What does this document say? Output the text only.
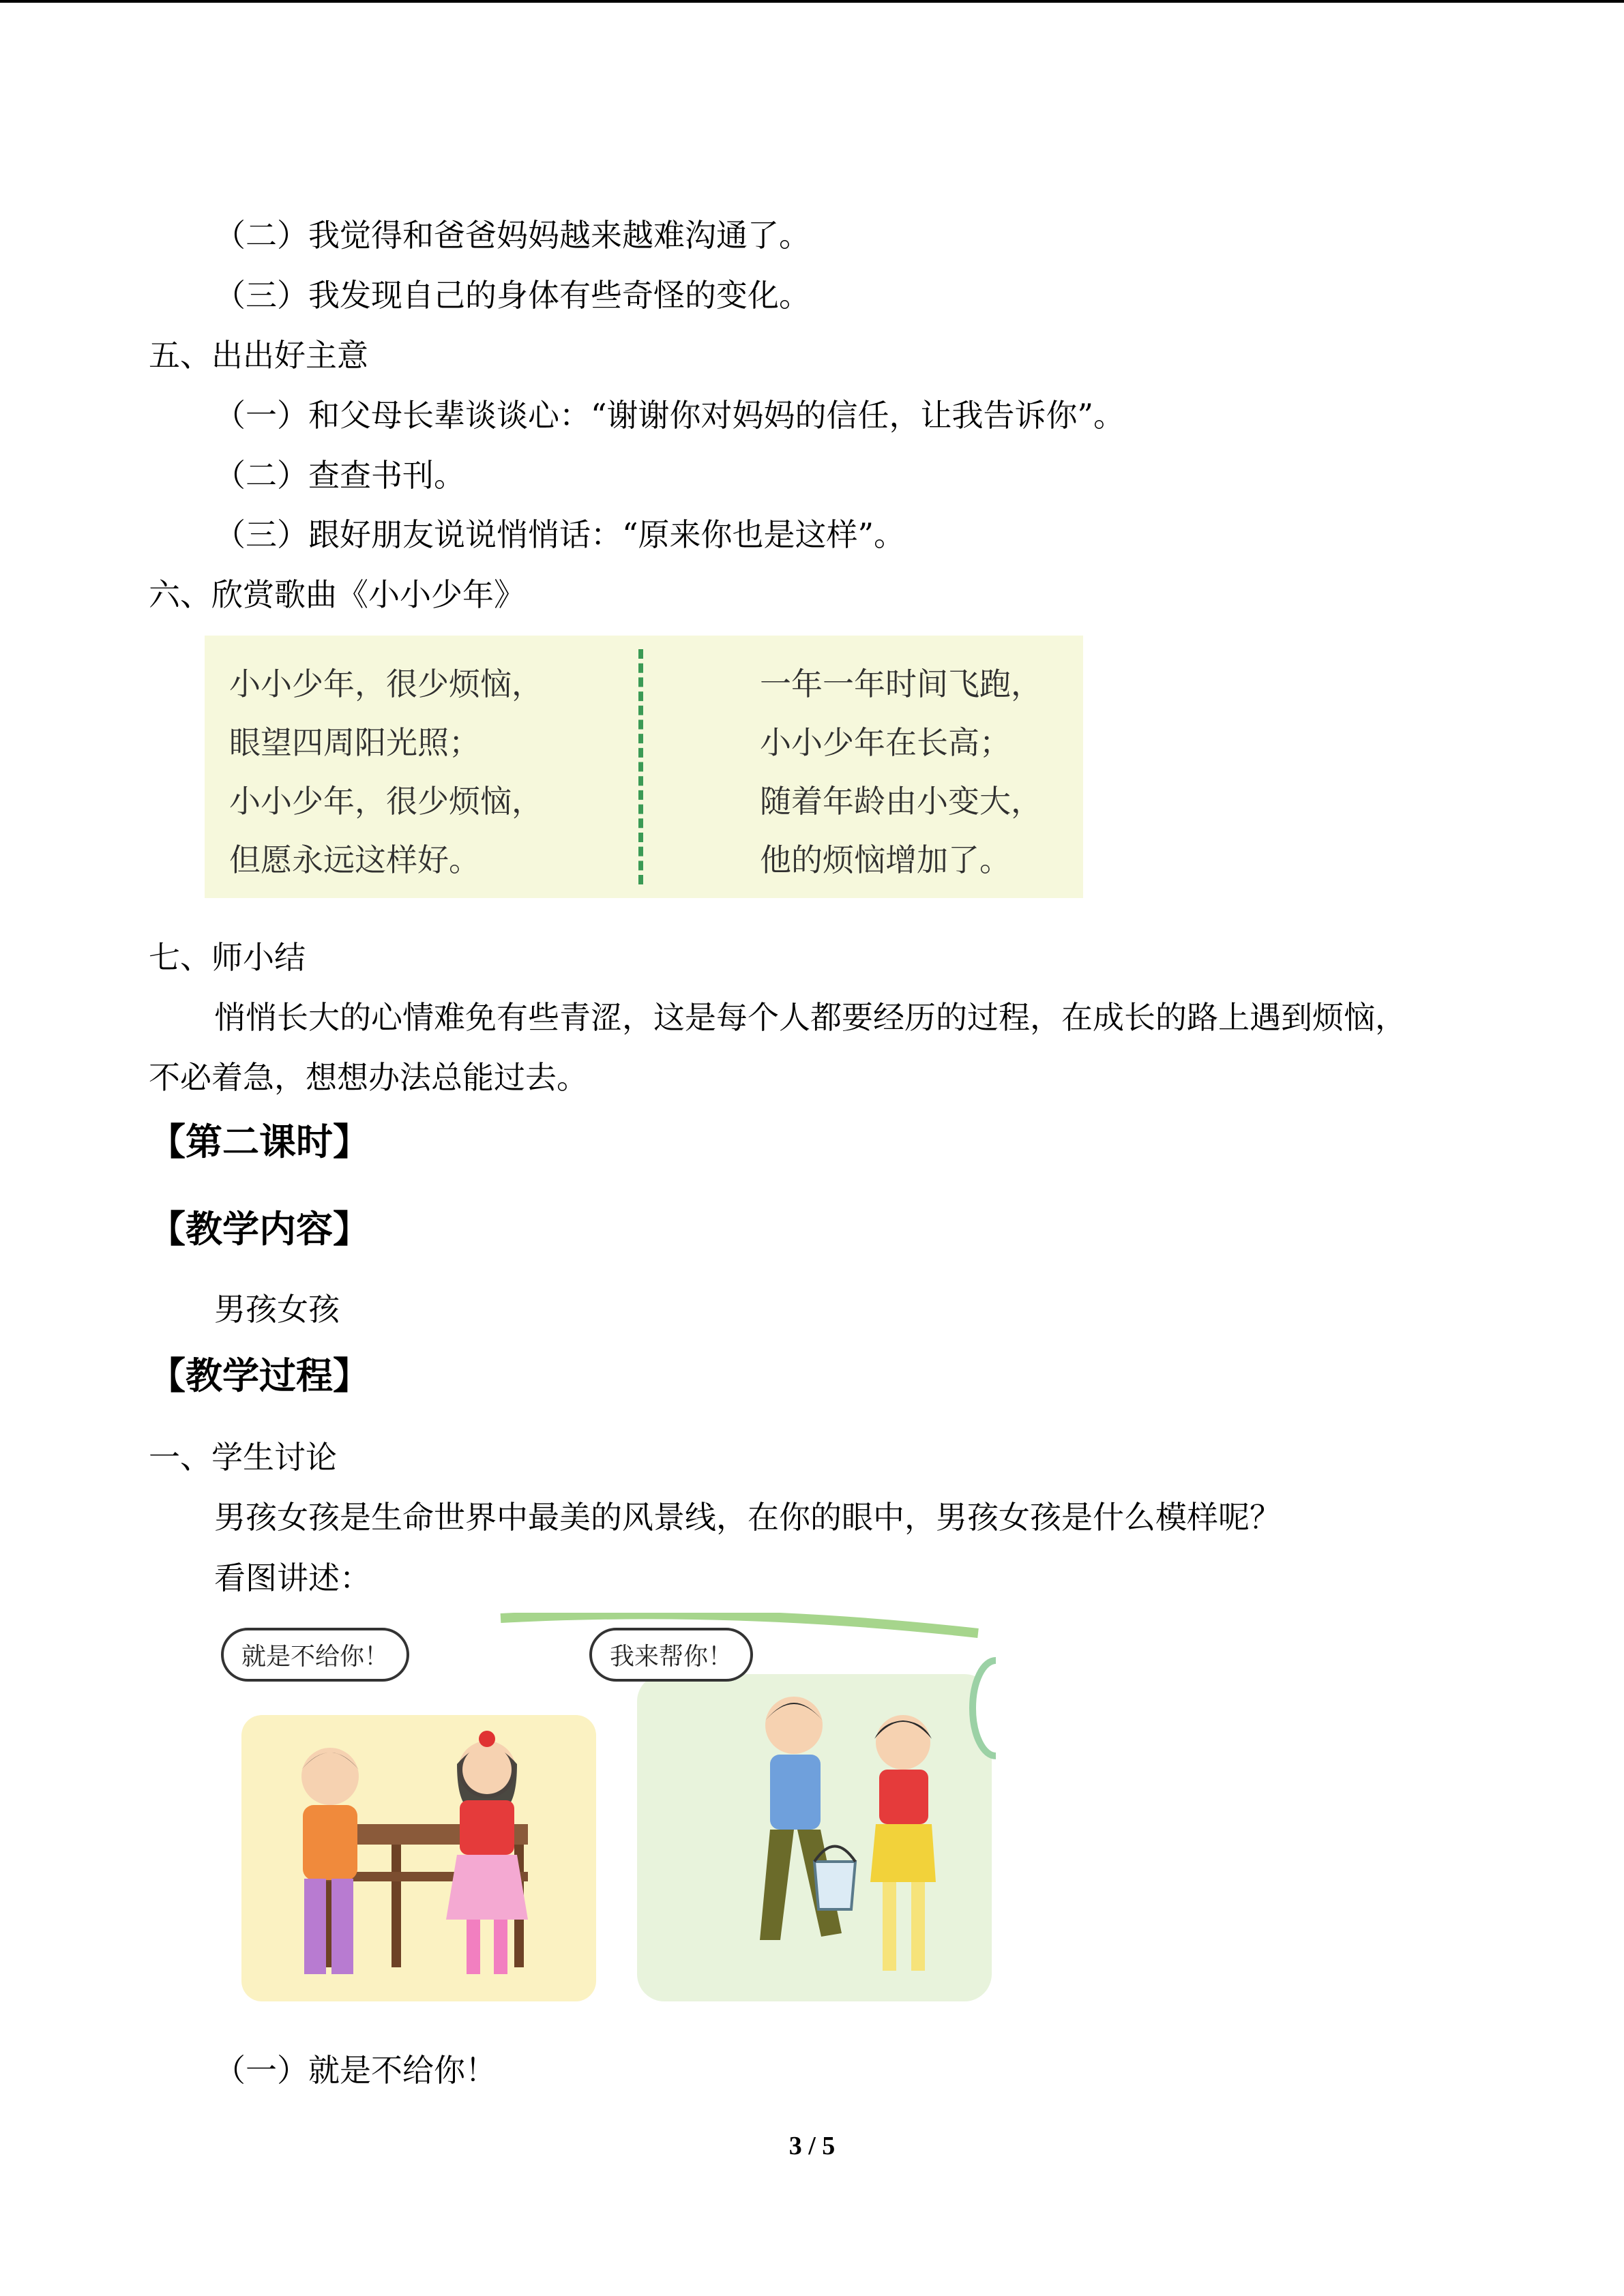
（二）我觉得和爸爸妈妈越来越难沟通了。
（三）我发现自己的身体有些奇怪的变化。
五、出出好主意
（一）和父母长辈谈谈心：“谢谢你对妈妈的信任，让我告诉你”。
（二）查查书刊。
（三）跟好朋友说说悄悄话：“原来你也是这样”。
六、欣赏歌曲《小小少年》
小小少年，很少烦恼，
眼望四周阳光照；
小小少年，很少烦恼，
但愿永远这样好。
一年一年时间飞跑，
小小少年在长高；
随着年龄由小变大，
他的烦恼增加了。
七、师小结
悄悄长大的心情难免有些青涩，这是每个人都要经历的过程，在成长的路上遇到烦恼，
不必着急，想想办法总能过去。
【第二课时】
【教学内容】
男孩女孩
【教学过程】
一、学生讨论
男孩女孩是生命世界中最美的风景线，在你的眼中，男孩女孩是什么模样呢？
看图讲述：
就是不给你！	我来帮你！
（一）就是不给你！
3 / 5
